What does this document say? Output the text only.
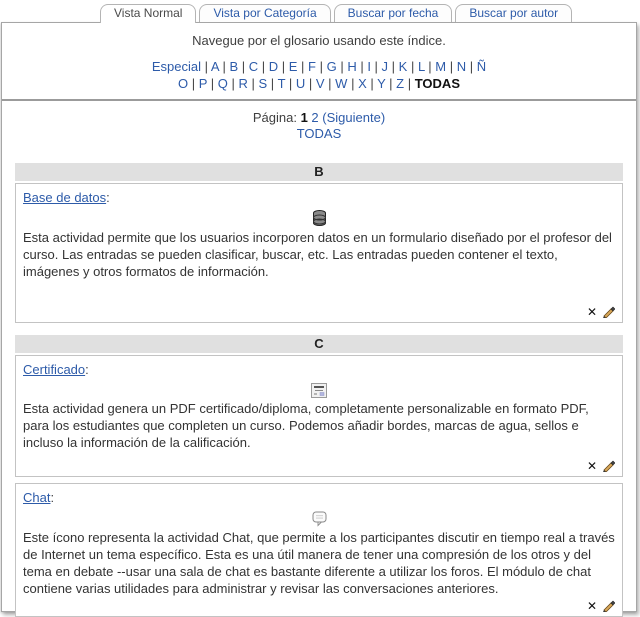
Vista Normal	Vista por Categoría	Buscar por fecha	Buscar por autor
Navegue por el glosario usando este índice.
Especial | A | B | C | D | E | F | G | H | I | J | K | L | M | N | Ñ
O | P | Q | R | S | T | U | V | W | X | Y | Z | TODAS
Página: 1 2 (Siguiente)
TODAS
B
Base de datos:

Esta actividad permite que los usuarios incorporen datos en un formulario diseñado por el profesor del curso. Las entradas se pueden clasificar, buscar, etc. Las entradas pueden contener el texto, imágenes y otros formatos de información.

✕
C
Certificado:

Esta actividad genera un PDF certificado/diploma, completamente personalizable en formato PDF, para los estudiantes que completen un curso. Podemos añadir bordes, marcas de agua, sellos e incluso la información de la calificación.

✕
Chat:

Este ícono representa la actividad Chat, que permite a los participantes discutir en tiempo real a través de Internet un tema específico. Esta es una útil manera de tener una compresión de los otros y del tema en debate --usar una sala de chat es bastante diferente a utilizar los foros. El módulo de chat contiene varias utilidades para administrar y revisar las conversaciones anteriores.

✕
